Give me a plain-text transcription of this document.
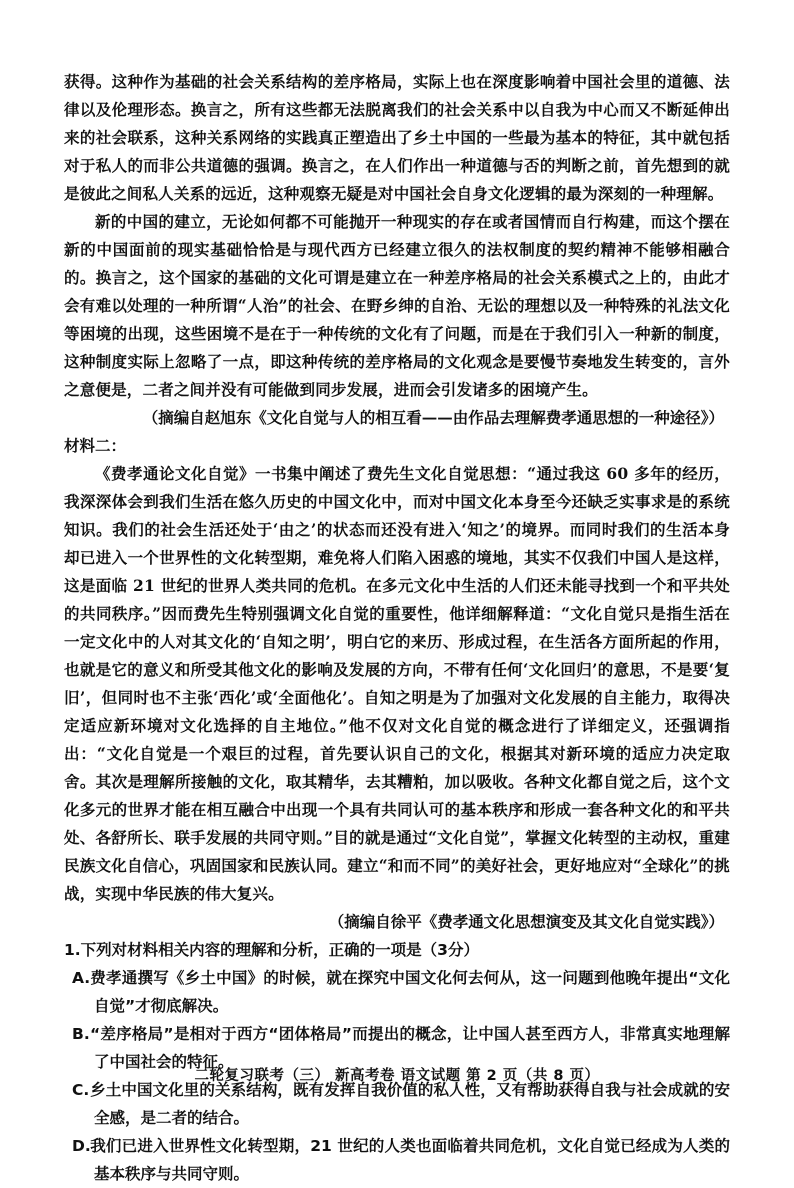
获得。这种作为基础的社会关系结构的差序格局，实际上也在深度影响着中国社会里的道德、法律以及伦理形态。换言之，所有这些都无法脱离我们的社会关系中以自我为中心而又不断延伸出来的社会联系，这种关系网络的实践真正塑造出了乡土中国的一些最为基本的特征，其中就包括对于私人的而非公共道德的强调。换言之，在人们作出一种道德与否的判断之前，首先想到的就是彼此之间私人关系的远近，这种观察无疑是对中国社会自身文化逻辑的最为深刻的一种理解。

新的中国的建立，无论如何都不可能抛开一种现实的存在或者国情而自行构建，而这个摆在新的中国面前的现实基础恰恰是与现代西方已经建立很久的法权制度的契约精神不能够相融合的。换言之，这个国家的基础的文化可谓是建立在一种差序格局的社会关系模式之上的，由此才会有难以处理的一种所谓“人治”的社会、在野乡绅的自治、无讼的理想以及一种特殊的礼法文化等困境的出现，这些困境不是在于一种传统的文化有了问题，而是在于我们引入一种新的制度，这种制度实际上忽略了一点，即这种传统的差序格局的文化观念是要慢节奏地发生转变的，言外之意便是，二者之间并没有可能做到同步发展，进而会引发诸多的困境产生。

（摘编自赵旭东《文化自觉与人的相互看——由作品去理解费孝通思想的一种途径》）

材料二：

《费孝通论文化自觉》一书集中阐述了费先生文化自觉思想：“通过我这 60 多年的经历，我深深体会到我们生活在悠久历史的中国文化中，而对中国文化本身至今还缺乏实事求是的系统知识。我们的社会生活还处于‘由之’的状态而还没有进入‘知之’的境界。而同时我们的生活本身却已进入一个世界性的文化转型期，难免将人们陷入困惑的境地，其实不仅我们中国人是这样，这是面临 21 世纪的世界人类共同的危机。在多元文化中生活的人们还未能寻找到一个和平共处的共同秩序。”因而费先生特别强调文化自觉的重要性，他详细解释道：“文化自觉只是指生活在一定文化中的人对其文化的‘自知之明’，明白它的来历、形成过程，在生活各方面所起的作用，也就是它的意义和所受其他文化的影响及发展的方向，不带有任何‘文化回归’的意思，不是要‘复旧’，但同时也不主张‘西化’或‘全面他化’。自知之明是为了加强对文化发展的自主能力，取得决定适应新环境对文化选择的自主地位。”他不仅对文化自觉的概念进行了详细定义，还强调指出：“文化自觉是一个艰巨的过程，首先要认识自己的文化，根据其对新环境的适应力决定取舍。其次是理解所接触的文化，取其精华，去其糟粕，加以吸收。各种文化都自觉之后，这个文化多元的世界才能在相互融合中出现一个具有共同认可的基本秩序和形成一套各种文化的和平共处、各舒所长、联手发展的共同守则。”目的就是通过“文化自觉”，掌握文化转型的主动权，重建民族文化自信心，巩固国家和民族认同。建立“和而不同”的美好社会，更好地应对“全球化”的挑战，实现中华民族的伟大复兴。

（摘编自徐平《费孝通文化思想演变及其文化自觉实践》）

1.下列对材料相关内容的理解和分析，正确的一项是（3分）

A.费孝通撰写《乡土中国》的时候，就在探究中国文化何去何从，这一问题到他晚年提出“文化自觉”才彻底解决。

B.“差序格局”是相对于西方“团体格局”而提出的概念，让中国人甚至西方人，非常真实地理解了中国社会的特征。

C.乡土中国文化里的关系结构，既有发挥自我价值的私人性，又有帮助获得自我与社会成就的安全感，是二者的结合。

D.我们已进入世界性文化转型期，21 世纪的人类也面临着共同危机，文化自觉已经成为人类的基本秩序与共同守则。

二轮复习联考（三） 新高考卷 语文试题 第 2 页（共 8 页）
